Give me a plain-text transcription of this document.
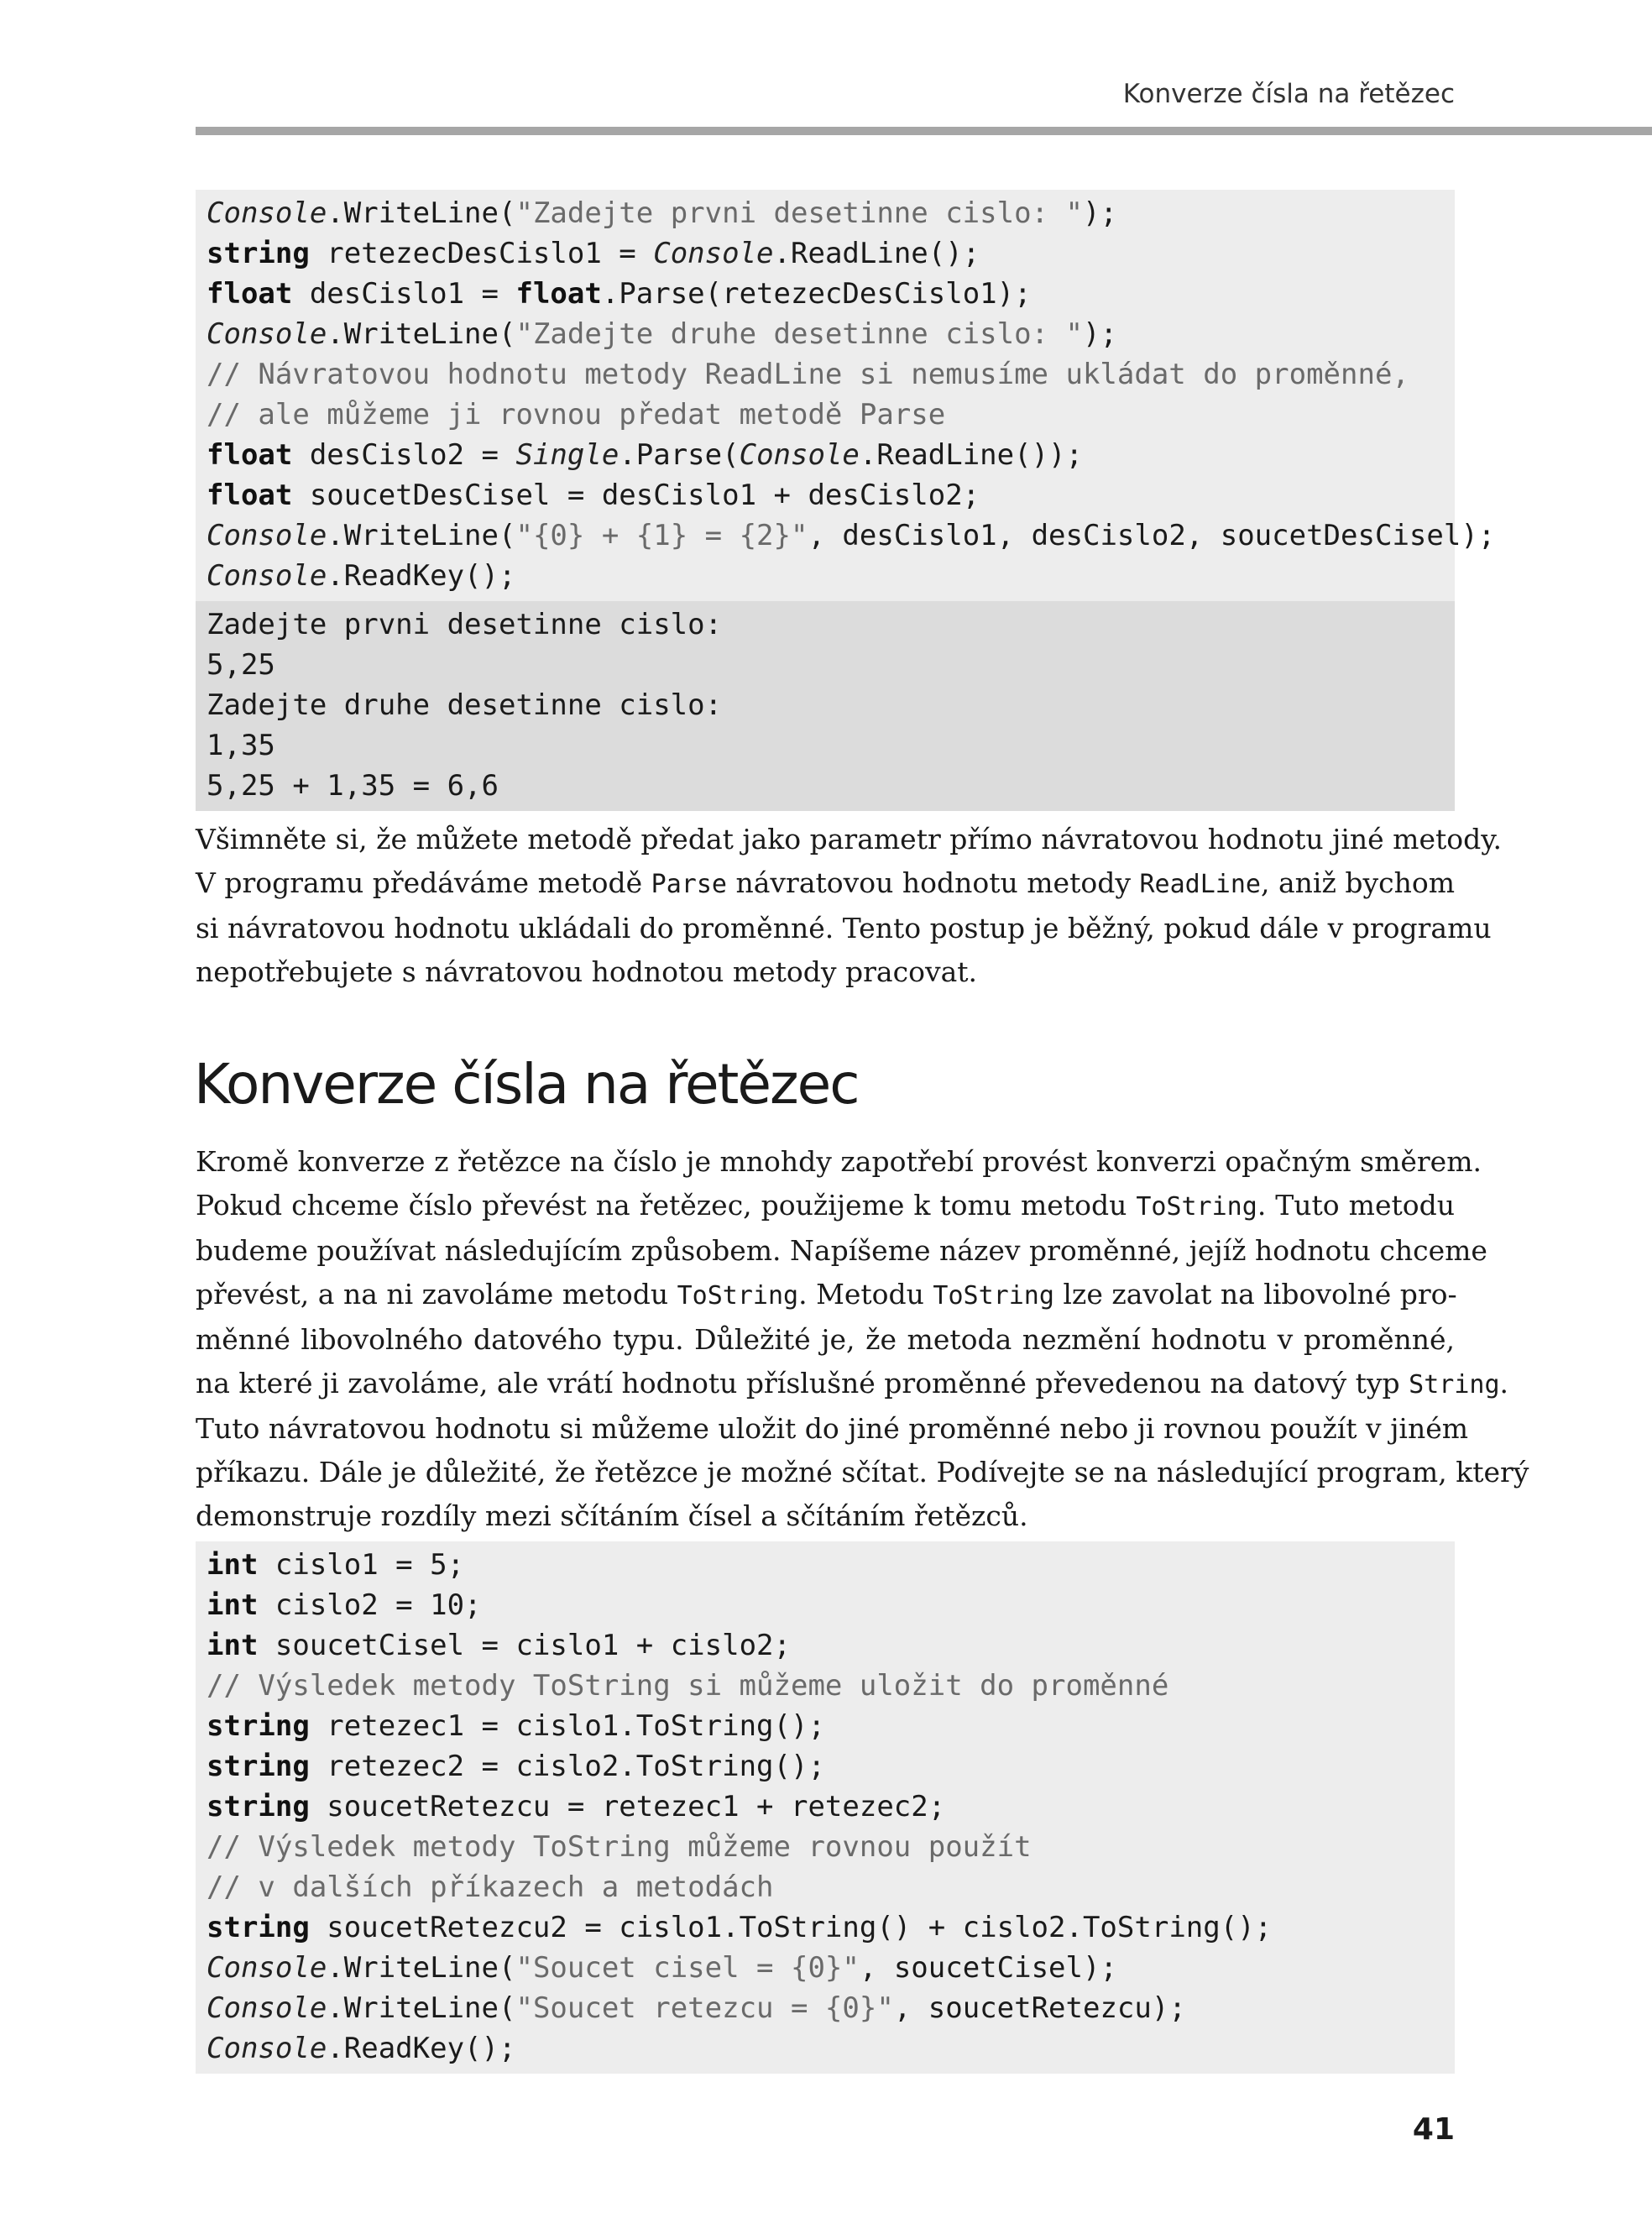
Konverze čísla na řetězec
Console.WriteLine("Zadejte prvni desetinne cislo: ");
string retezecDesCislo1 = Console.ReadLine();
float desCislo1 = float.Parse(retezecDesCislo1);
Console.WriteLine("Zadejte druhe desetinne cislo: ");
// Návratovou hodnotu metody ReadLine si nemusíme ukládat do proměnné,
// ale můžeme ji rovnou předat metodě Parse
float desCislo2 = Single.Parse(Console.ReadLine());
float soucetDesCisel = desCislo1 + desCislo2;
Console.WriteLine("{0} + {1} = {2}", desCislo1, desCislo2, soucetDesCisel);
Console.ReadKey();
Zadejte prvni desetinne cislo:
5,25
Zadejte druhe desetinne cislo:
1,35
5,25 + 1,35 = 6,6
Všimněte si, že můžete metodě předat jako parametr přímo návratovou hodnotu jiné metody.
V programu předáváme metodě Parse návratovou hodnotu metody ReadLine, aniž bychom
si návratovou hodnotu ukládali do proměnné. Tento postup je běžný, pokud dále v programu
nepotřebujete s návratovou hodnotou metody pracovat.
Konverze čísla na řetězec
Kromě konverze z řetězce na číslo je mnohdy zapotřebí provést konverzi opačným směrem.
Pokud chceme číslo převést na řetězec, použijeme k tomu metodu ToString. Tuto metodu
budeme používat následujícím způsobem. Napíšeme název proměnné, jejíž hodnotu chceme
převést, a na ni zavoláme metodu ToString. Metodu ToString lze zavolat na libovolné pro-
měnné libovolného datového typu. Důležité je, že metoda nezmění hodnotu v proměnné,
na které ji zavoláme, ale vrátí hodnotu příslušné proměnné převedenou na datový typ String.
Tuto návratovou hodnotu si můžeme uložit do jiné proměnné nebo ji rovnou použít v jiném
příkazu. Dále je důležité, že řetězce je možné sčítat. Podívejte se na následující program, který
demonstruje rozdíly mezi sčítáním čísel a sčítáním řetězců.
int cislo1 = 5;
int cislo2 = 10;
int soucetCisel = cislo1 + cislo2;
// Výsledek metody ToString si můžeme uložit do proměnné
string retezec1 = cislo1.ToString();
string retezec2 = cislo2.ToString();
string soucetRetezcu = retezec1 + retezec2;
// Výsledek metody ToString můžeme rovnou použít
// v dalších příkazech a metodách
string soucetRetezcu2 = cislo1.ToString() + cislo2.ToString();
Console.WriteLine("Soucet cisel = {0}", soucetCisel);
Console.WriteLine("Soucet retezcu = {0}", soucetRetezcu);
Console.ReadKey();
41
